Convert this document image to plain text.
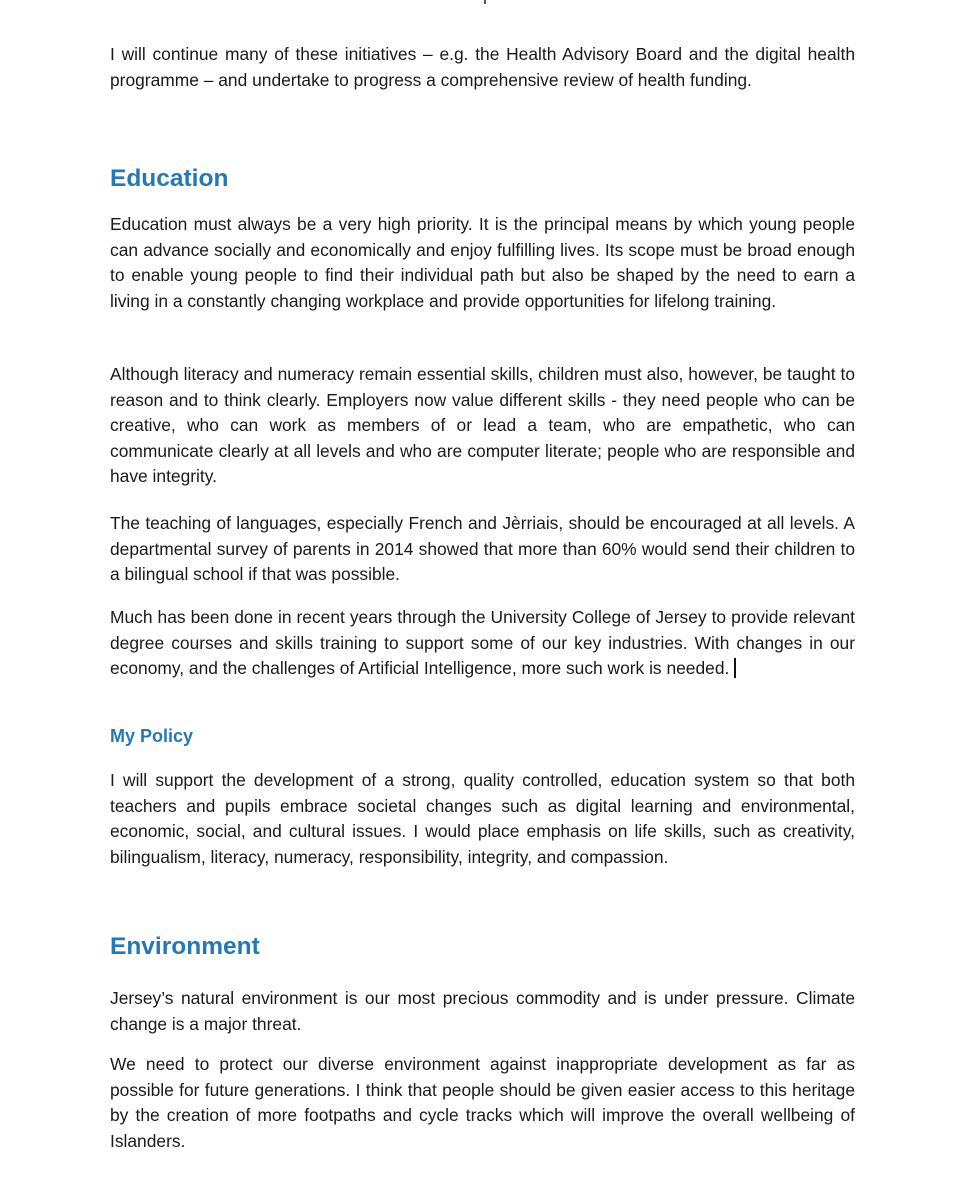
I will continue many of these initiatives – e.g. the Health Advisory Board and the digital health programme – and undertake to progress a comprehensive review of health funding.

Education

Education must always be a very high priority. It is the principal means by which young people can advance socially and economically and enjoy fulfilling lives. Its scope must be broad enough to enable young people to find their individual path but also be shaped by the need to earn a living in a constantly changing workplace and provide opportunities for lifelong training.

Although literacy and numeracy remain essential skills, children must also, however, be taught to reason and to think clearly. Employers now value different skills - they need people who can be creative, who can work as members of or lead a team, who are empathetic, who can communicate clearly at all levels and who are computer literate; people who are responsible and have integrity.

The teaching of languages, especially French and Jèrriais, should be encouraged at all levels. A departmental survey of parents in 2014 showed that more than 60% would send their children to a bilingual school if that was possible.

Much has been done in recent years through the University College of Jersey to provide relevant degree courses and skills training to support some of our key industries. With changes in our economy, and the challenges of Artificial Intelligence, more such work is needed.

My Policy

I will support the development of a strong, quality controlled, education system so that both teachers and pupils embrace societal changes such as digital learning and environmental, economic, social, and cultural issues. I would place emphasis on life skills, such as creativity, bilingualism, literacy, numeracy, responsibility, integrity, and compassion.

Environment

Jersey’s natural environment is our most precious commodity and is under pressure. Climate change is a major threat.

We need to protect our diverse environment against inappropriate development as far as possible for future generations. I think that people should be given easier access to this heritage by the creation of more footpaths and cycle tracks which will improve the overall wellbeing of Islanders.
